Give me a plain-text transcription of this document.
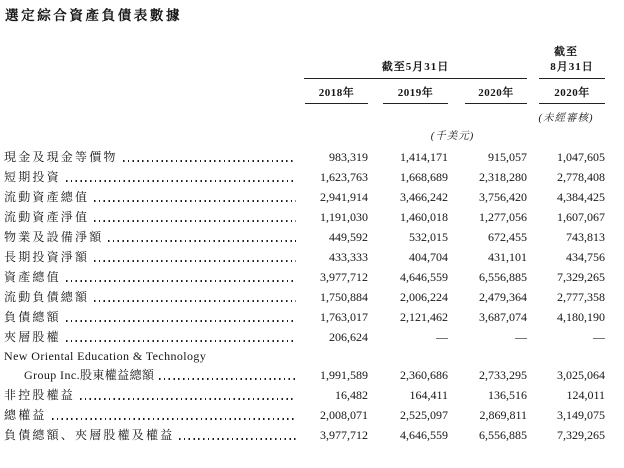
選定綜合資產負債表數據
截至
截至5月31日	8月31日
2018年	2019年	2020年	2020年
(未經審核)
(千美元)
現金及現金等價物	983,319	1,414,171	915,057	1,047,605
短期投資	1,623,763	1,668,689	2,318,280	2,778,408
流動資產總值	2,941,914	3,466,242	3,756,420	4,384,425
流動資產淨值	1,191,030	1,460,018	1,277,056	1,607,067
物業及設備淨額	449,592	532,015	672,455	743,813
長期投資淨額	433,333	404,704	431,101	434,756
資產總值	3,977,712	4,646,559	6,556,885	7,329,265
流動負債總額	1,750,884	2,006,224	2,479,364	2,777,358
負債總額	1,763,017	2,121,462	3,687,074	4,180,190
夾層股權	206,624	—	—	—
New Oriental Education & Technology
Group Inc.股東權益總額	1,991,589	2,360,686	2,733,295	3,025,064
非控股權益	16,482	164,411	136,516	124,011
總權益	2,008,071	2,525,097	2,869,811	3,149,075
負債總額、夾層股權及權益	3,977,712	4,646,559	6,556,885	7,329,265
